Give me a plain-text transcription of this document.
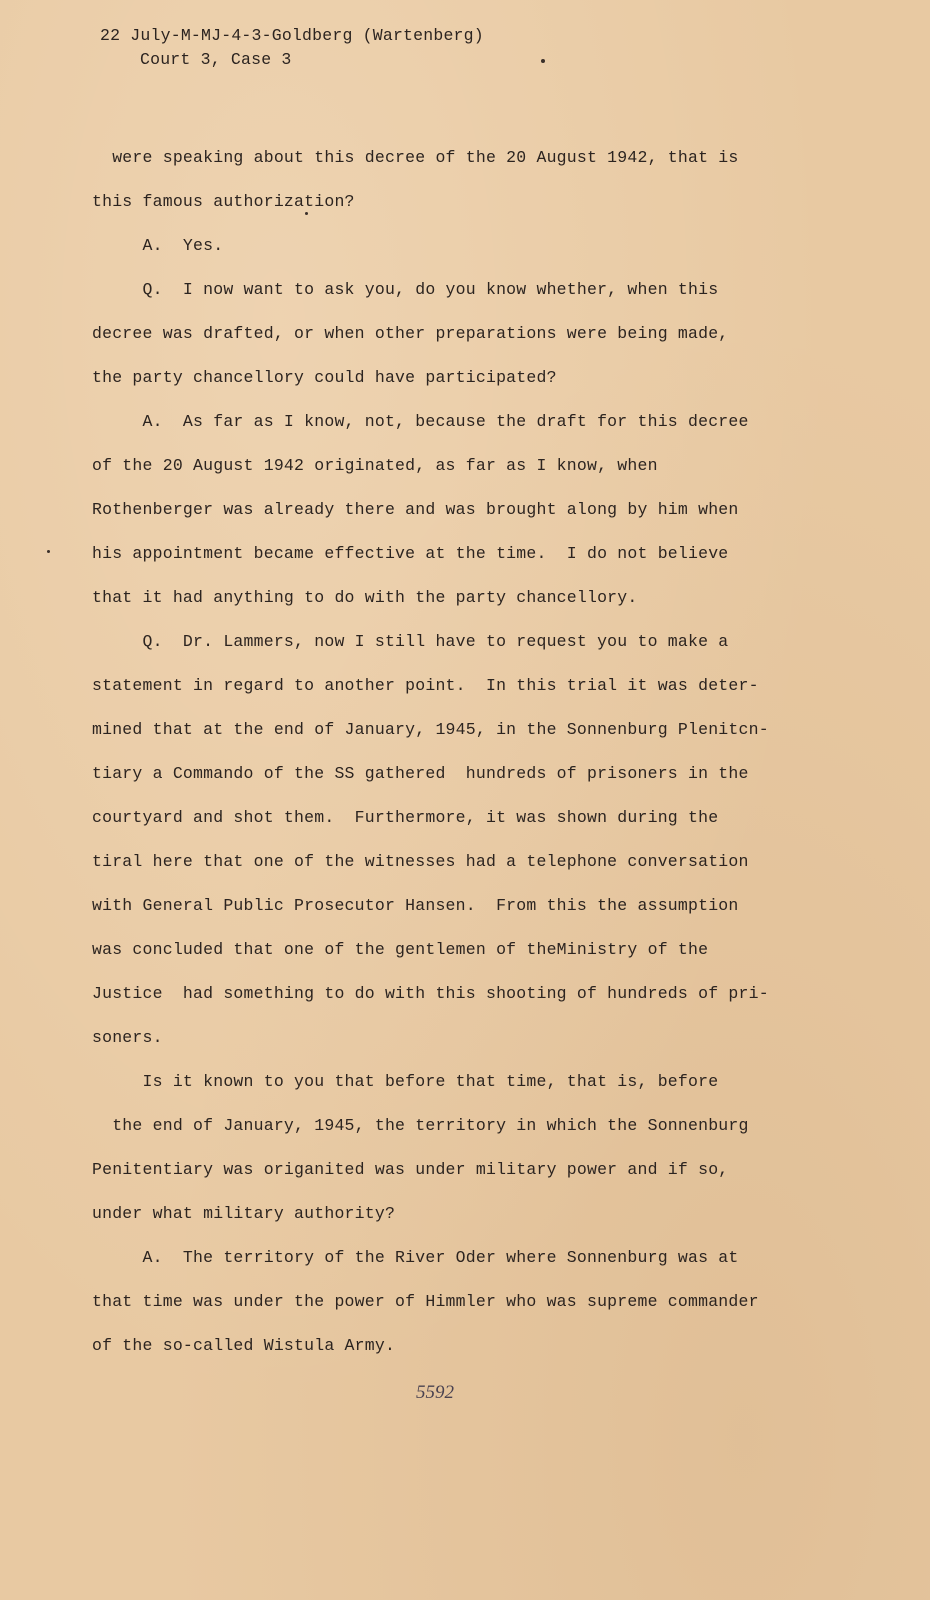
22 July-M-MJ-4-3-Goldberg (Wartenberg)
Court 3, Case 3
were speaking about this decree of the 20 August 1942, that is
this famous authorization?
A.  Yes.
Q.  I now want to ask you, do you know whether, when this
decree was drafted, or when other preparations were being made,
the party chancellory could have participated?
A.  As far as I know, not, because the draft for this decree
of the 20 August 1942 originated, as far as I know, when
Rothenberger was already there and was brought along by him when
his appointment became effective at the time.  I do not believe
that it had anything to do with the party chancellory.
Q.  Dr. Lammers, now I still have to request you to make a
statement in regard to another point.  In this trial it was deter-
mined that at the end of January, 1945, in the Sonnenburg Plenitcn-
tiary a Commando of the SS gathered  hundreds of prisoners in the
courtyard and shot them.  Furthermore, it was shown during the
tiral here that one of the witnesses had a telephone conversation
with General Public Prosecutor Hansen.  From this the assumption
was concluded that one of the gentlemen of theMinistry of the
Justice  had something to do with this shooting of hundreds of pri-
soners.
Is it known to you that before that time, that is, before
the end of January, 1945, the territory in which the Sonnenburg
Penitentiary was origanited was under military power and if so,
under what military authority?
A.  The territory of the River Oder where Sonnenburg was at
that time was under the power of Himmler who was supreme commander
of the so-called Wistula Army.
5592
